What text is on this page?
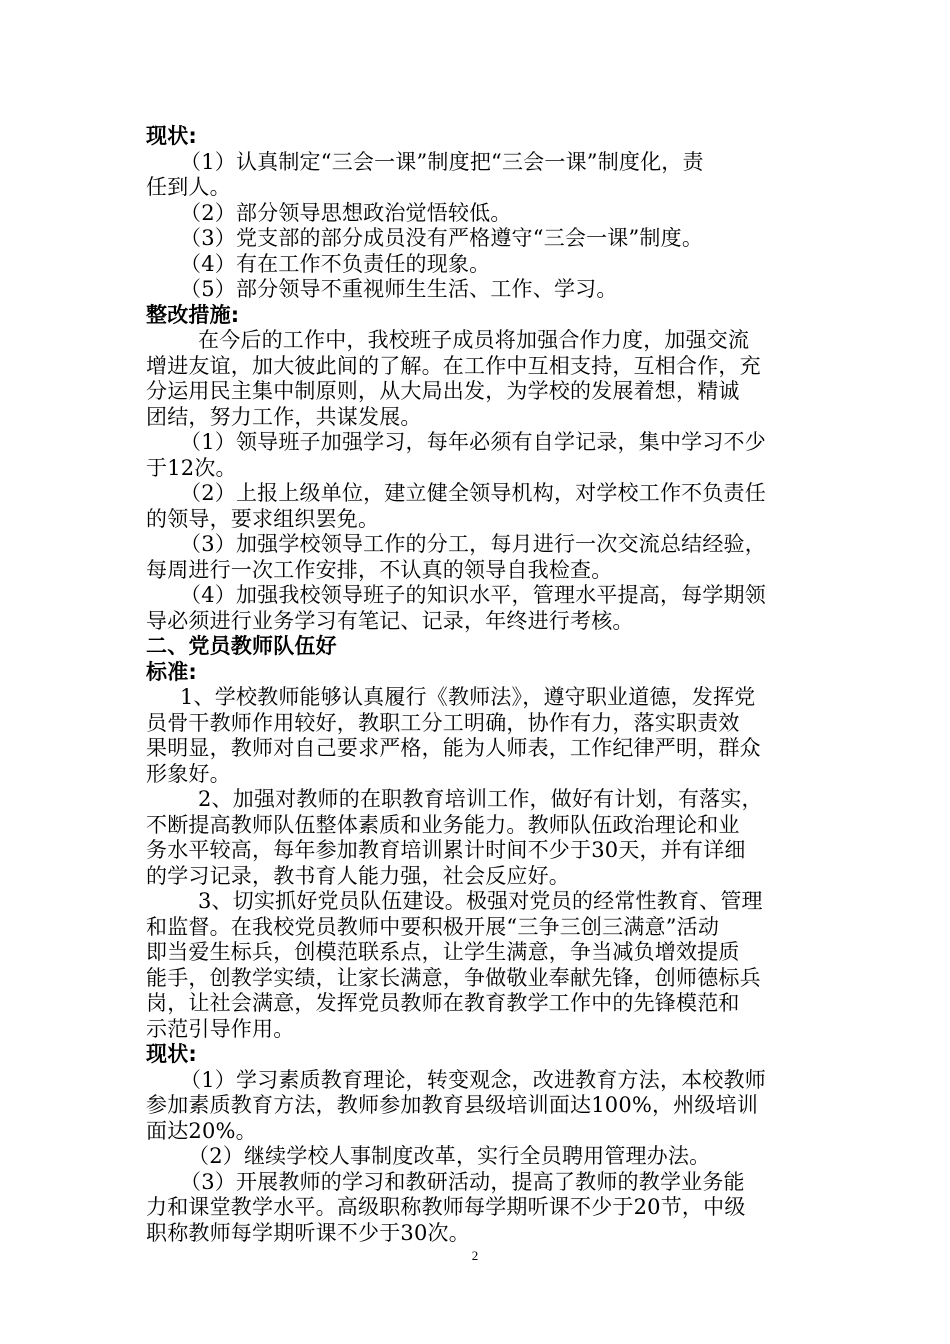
现状:
（1）认真制定“三会一课”制度把“三会一课”制度化，责
任到人。
（2）部分领导思想政治觉悟较低。
（3）党支部的部分成员没有严格遵守“三会一课”制度。
（4）有在工作不负责任的现象。
（5）部分领导不重视师生生活、工作、学习。
整改措施:
在今后的工作中，我校班子成员将加强合作力度，加强交流
增进友谊，加大彼此间的了解。在工作中互相支持，互相合作，充
分运用民主集中制原则，从大局出发，为学校的发展着想，精诚
团结，努力工作，共谋发展。
（1）领导班子加强学习，每年必须有自学记录，集中学习不少
于12次。
（2）上报上级单位，建立健全领导机构，对学校工作不负责任
的领导，要求组织罢免。
（3）加强学校领导工作的分工，每月进行一次交流总结经验，
每周进行一次工作安排，不认真的领导自我检查。
（4）加强我校领导班子的知识水平，管理水平提高，每学期领
导必须进行业务学习有笔记、记录，年终进行考核。
二、党员教师队伍好
标准:
1、学校教师能够认真履行《教师法》，遵守职业道德，发挥党
员骨干教师作用较好，教职工分工明确，协作有力，落实职责效
果明显，教师对自己要求严格，能为人师表，工作纪律严明，群众
形象好。
2、加强对教师的在职教育培训工作，做好有计划，有落实，
不断提高教师队伍整体素质和业务能力。教师队伍政治理论和业
务水平较高，每年参加教育培训累计时间不少于30天，并有详细
的学习记录，教书育人能力强，社会反应好。
3、切实抓好党员队伍建设。极强对党员的经常性教育、管理
和监督。在我校党员教师中要积极开展“三争三创三满意”活动
即当爱生标兵，创模范联系点，让学生满意，争当减负增效提质
能手，创教学实绩，让家长满意，争做敬业奉献先锋，创师德标兵
岗，让社会满意，发挥党员教师在教育教学工作中的先锋模范和
示范引导作用。
现状:
（1）学习素质教育理论，转变观念，改进教育方法，本校教师
参加素质教育方法，教师参加教育县级培训面达100%，州级培训
面达20%。
（2）继续学校人事制度改革，实行全员聘用管理办法。
（3）开展教师的学习和教研活动，提高了教师的教学业务能
力和课堂教学水平。高级职称教师每学期听课不少于20节，中级
职称教师每学期听课不少于30次。
2
